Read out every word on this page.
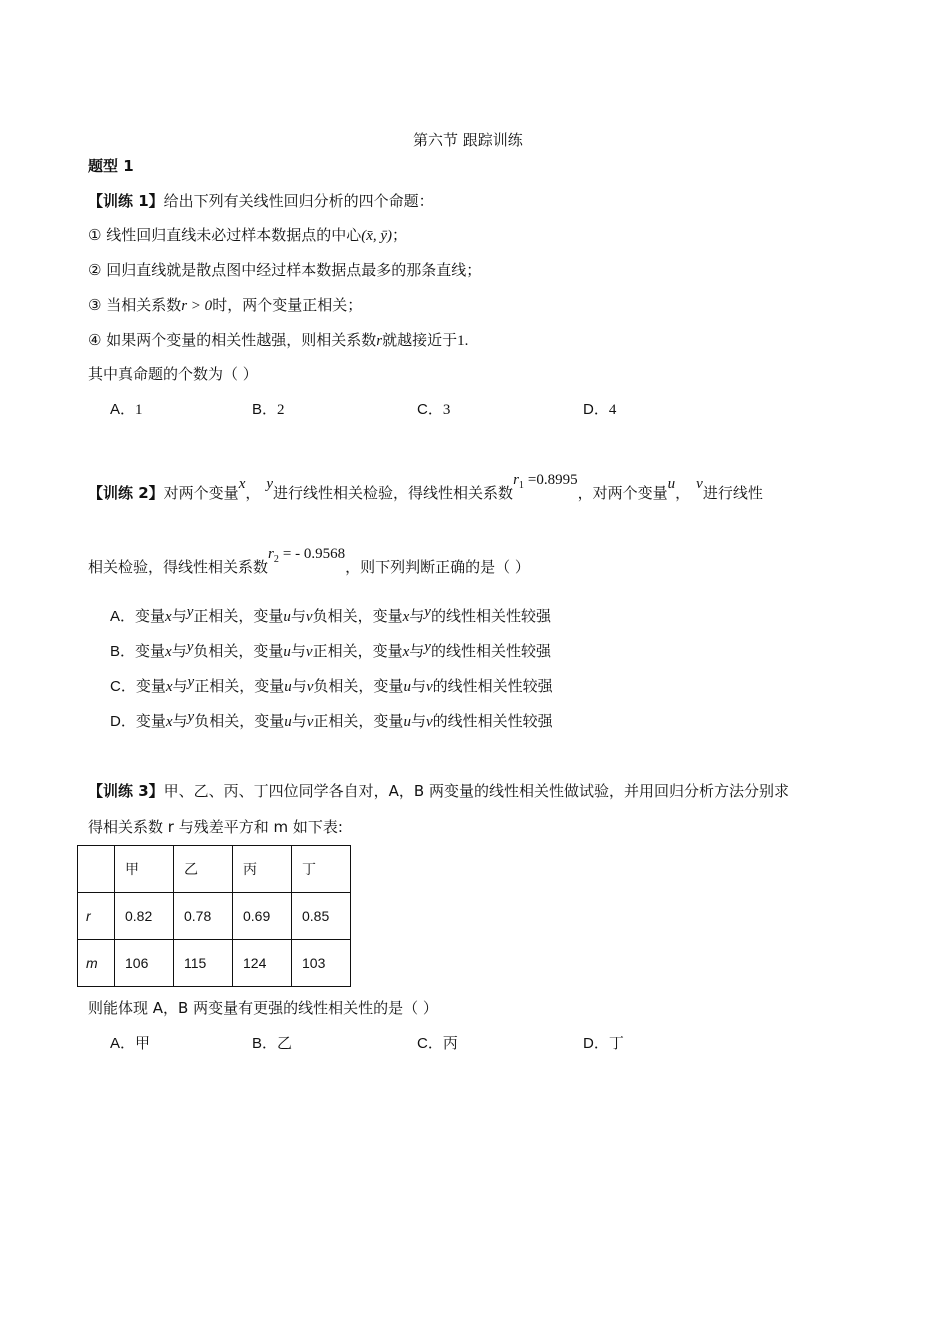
第六节 跟踪训练
题型 1
【训练 1】给出下列有关线性回归分析的四个命题：
① 线性回归直线未必过样本数据点的中心(x̄, ȳ)；
② 回归直线就是散点图中经过样本数据点最多的那条直线；
③ 当相关系数r > 0时，两个变量正相关；
④ 如果两个变量的相关性越强，则相关系数r就越接近于1.
其中真命题的个数为（ ）
A．1	B．2	C．3	D．4
【训练 2】对两个变量x， y进行线性相关检验，得线性相关系数$r_1 =0.8995$，对两个变量u， v进行线性
相关检验，得线性相关系数$r_2$ = - 0.9568，则下列判断正确的是（ ）
A．变量x与y正相关，变量u与v负相关，变量x与y的线性相关性较强
B．变量x与y负相关，变量u与v正相关，变量x与y的线性相关性较强
C．变量x与y正相关，变量u与v负相关，变量u与v的线性相关性较强
D．变量x与y负相关，变量u与v正相关，变量u与v的线性相关性较强
【训练 3】甲、乙、丙、丁四位同学各自对，A，B 两变量的线性相关性做试验，并用回归分析方法分别求
得相关系数 r 与残差平方和 m 如下表:
	甲	乙	丙	丁
r	0.82	0.78	0.69	0.85
m	106	115	124	103
则能体现 A，B 两变量有更强的线性相关性的是（ ）
A．甲	B．乙	C．丙	D．丁
